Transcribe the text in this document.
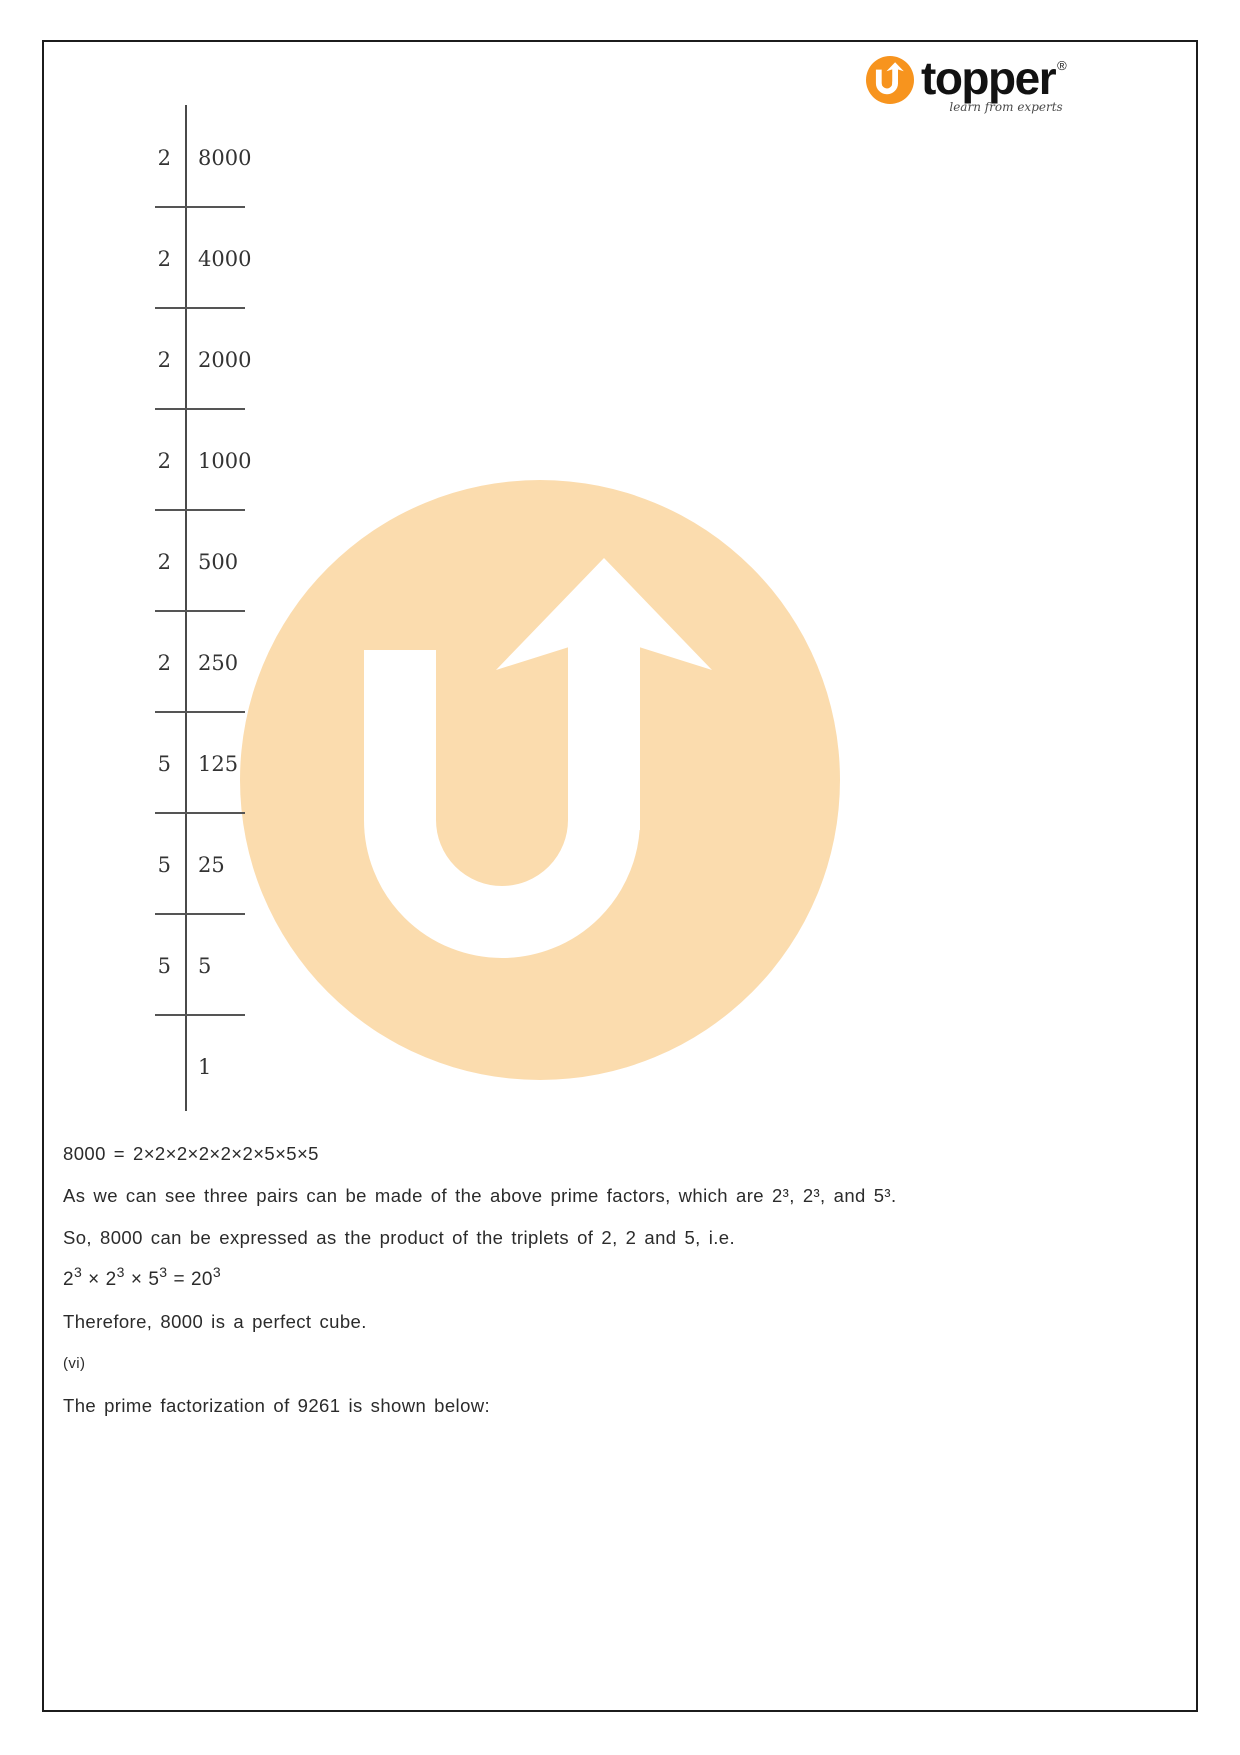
topper ®
learn from experts
2	8000
2	4000
2	2000
2	1000
2	500
2	250
5	125
5	25
5	5
1

8000 = 2×2×2×2×2×2×5×5×5

As we can see three pairs can be made of the above prime factors, which are 2³, 2³, and 5³.

So, 8000 can be expressed as the product of the triplets of 2, 2 and 5, i.e.

$2^3 \times 2^3 \times 5^3 = 20^3$

Therefore, 8000 is a perfect cube.

(vi)

The prime factorization of 9261 is shown below:
